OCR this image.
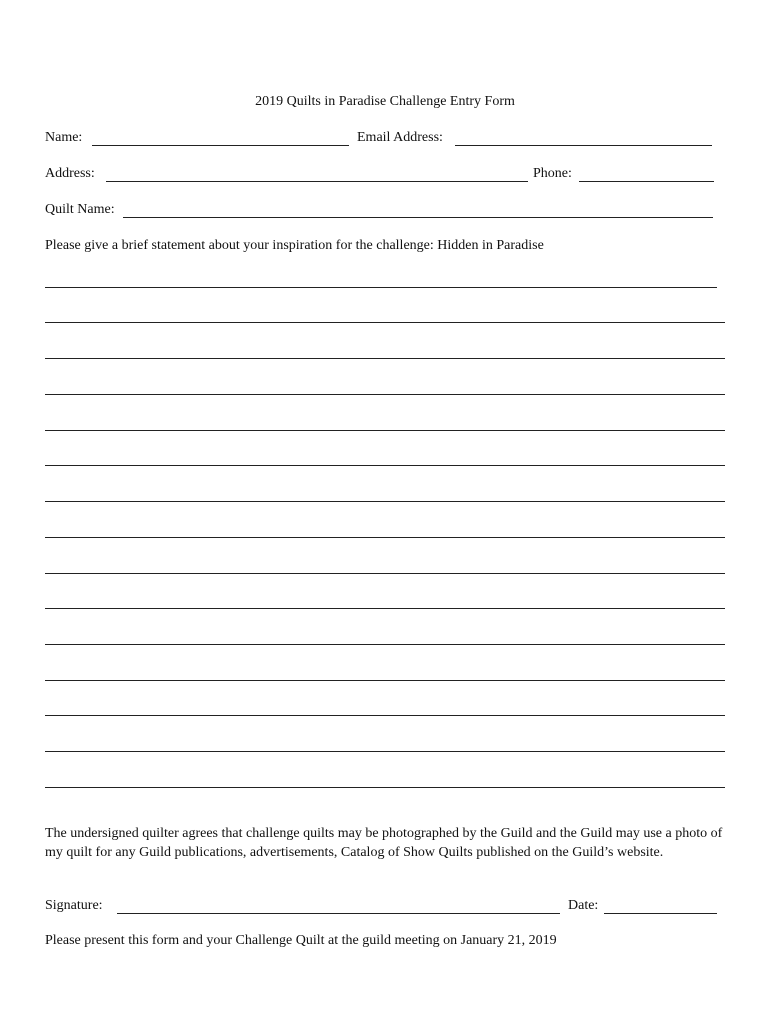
2019 Quilts in Paradise Challenge Entry Form
Name:	Email Address:
Address:	Phone:
Quilt Name:
Please give a brief statement about your inspiration for the challenge: Hidden in Paradise
The undersigned quilter agrees that challenge quilts may be photographed by the Guild and the Guild may use a photo of my quilt for any Guild publications, advertisements, Catalog of Show Quilts published on the Guild’s website.
Signature:	Date:
Please present this form and your Challenge Quilt at the guild meeting on January 21, 2019
